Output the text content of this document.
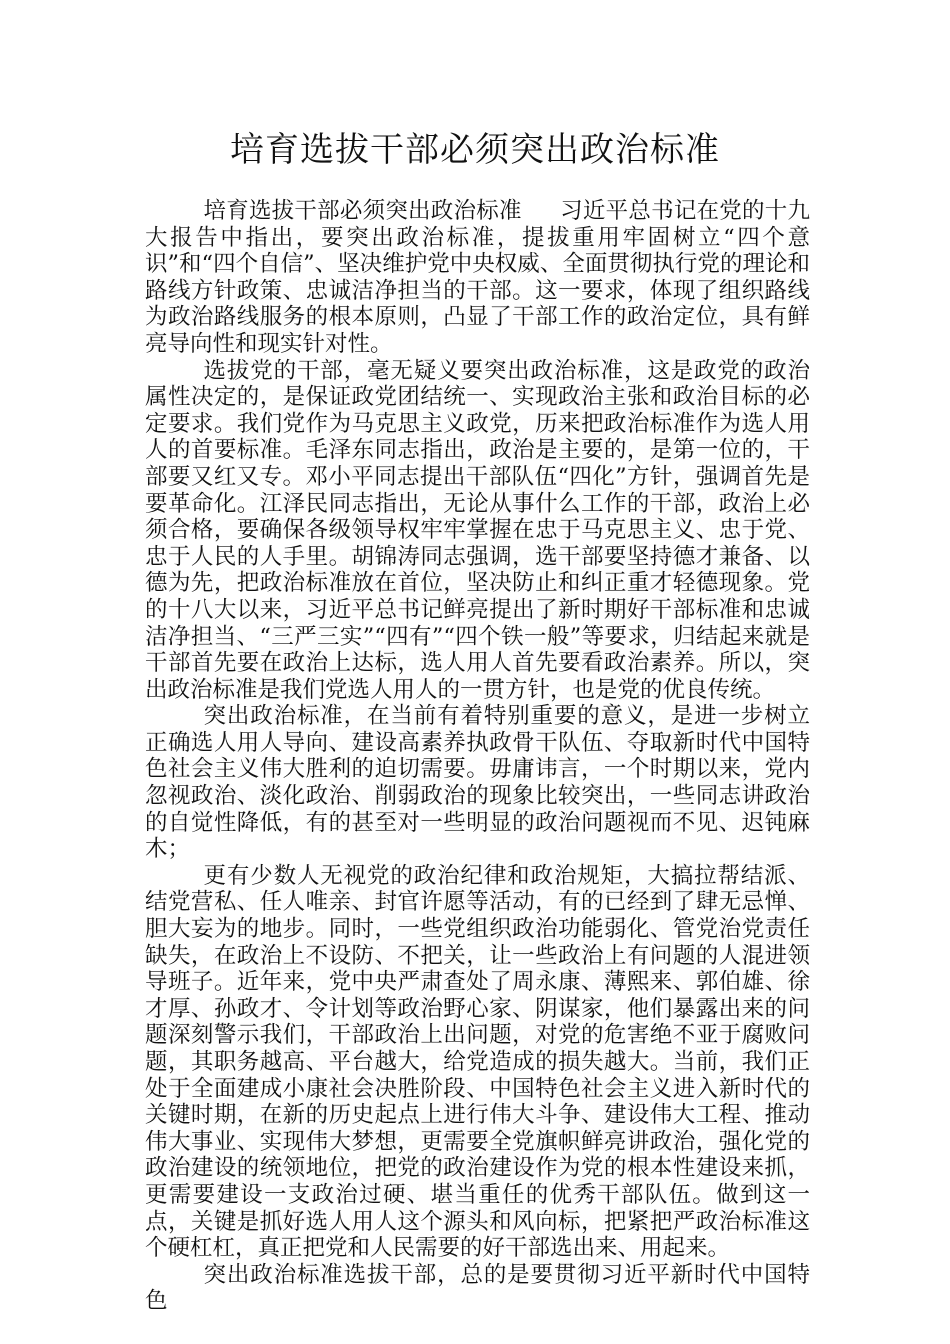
培育选拔干部必须突出政治标准

培育选拔干部必须突出政治标准 习近平总书记在党的十九大报告中指出，要突出政治标准，提拔重用牢固树立“四个意识”和“四个自信”、坚决维护党中央权威、全面贯彻执行党的理论和路线方针政策、忠诚洁净担当的干部。这一要求，体现了组织路线为政治路线服务的根本原则，凸显了干部工作的政治定位，具有鲜亮导向性和现实针对性。

选拔党的干部，毫无疑义要突出政治标准，这是政党的政治属性决定的，是保证政党团结统一、实现政治主张和政治目标的必定要求。我们党作为马克思主义政党，历来把政治标准作为选人用人的首要标准。毛泽东同志指出，政治是主要的，是第一位的，干部要又红又专。邓小平同志提出干部队伍“四化”方针，强调首先是要革命化。江泽民同志指出，无论从事什么工作的干部，政治上必须合格，要确保各级领导权牢牢掌握在忠于马克思主义、忠于党、忠于人民的人手里。胡锦涛同志强调，选干部要坚持德才兼备、以德为先，把政治标准放在首位，坚决防止和纠正重才轻德现象。党的十八大以来，习近平总书记鲜亮提出了新时期好干部标准和忠诚洁净担当、“三严三实”“四有”“四个铁一般”等要求，归结起来就是干部首先要在政治上达标，选人用人首先要看政治素养。所以，突出政治标准是我们党选人用人的一贯方针，也是党的优良传统。

突出政治标准，在当前有着特别重要的意义，是进一步树立正确选人用人导向、建设高素养执政骨干队伍、夺取新时代中国特色社会主义伟大胜利的迫切需要。毋庸讳言，一个时期以来，党内忽视政治、淡化政治、削弱政治的现象比较突出，一些同志讲政治的自觉性降低，有的甚至对一些明显的政治问题视而不见、迟钝麻木；

更有少数人无视党的政治纪律和政治规矩，大搞拉帮结派、结党营私、任人唯亲、封官许愿等活动，有的已经到了肆无忌惮、胆大妄为的地步。同时，一些党组织政治功能弱化、管党治党责任缺失，在政治上不设防、不把关，让一些政治上有问题的人混进领导班子。近年来，党中央严肃查处了周永康、薄熙来、郭伯雄、徐才厚、孙政才、令计划等政治野心家、阴谋家，他们暴露出来的问题深刻警示我们，干部政治上出问题，对党的危害绝不亚于腐败问题，其职务越高、平台越大，给党造成的损失越大。当前，我们正处于全面建成小康社会决胜阶段、中国特色社会主义进入新时代的关键时期，在新的历史起点上进行伟大斗争、建设伟大工程、推动伟大事业、实现伟大梦想，更需要全党旗帜鲜亮讲政治，强化党的政治建设的统领地位，把党的政治建设作为党的根本性建设来抓，更需要建设一支政治过硬、堪当重任的优秀干部队伍。做到这一点，关键是抓好选人用人这个源头和风向标，把紧把严政治标准这个硬杠杠，真正把党和人民需要的好干部选出来、用起来。

突出政治标准选拔干部，总的是要贯彻习近平新时代中国特色
